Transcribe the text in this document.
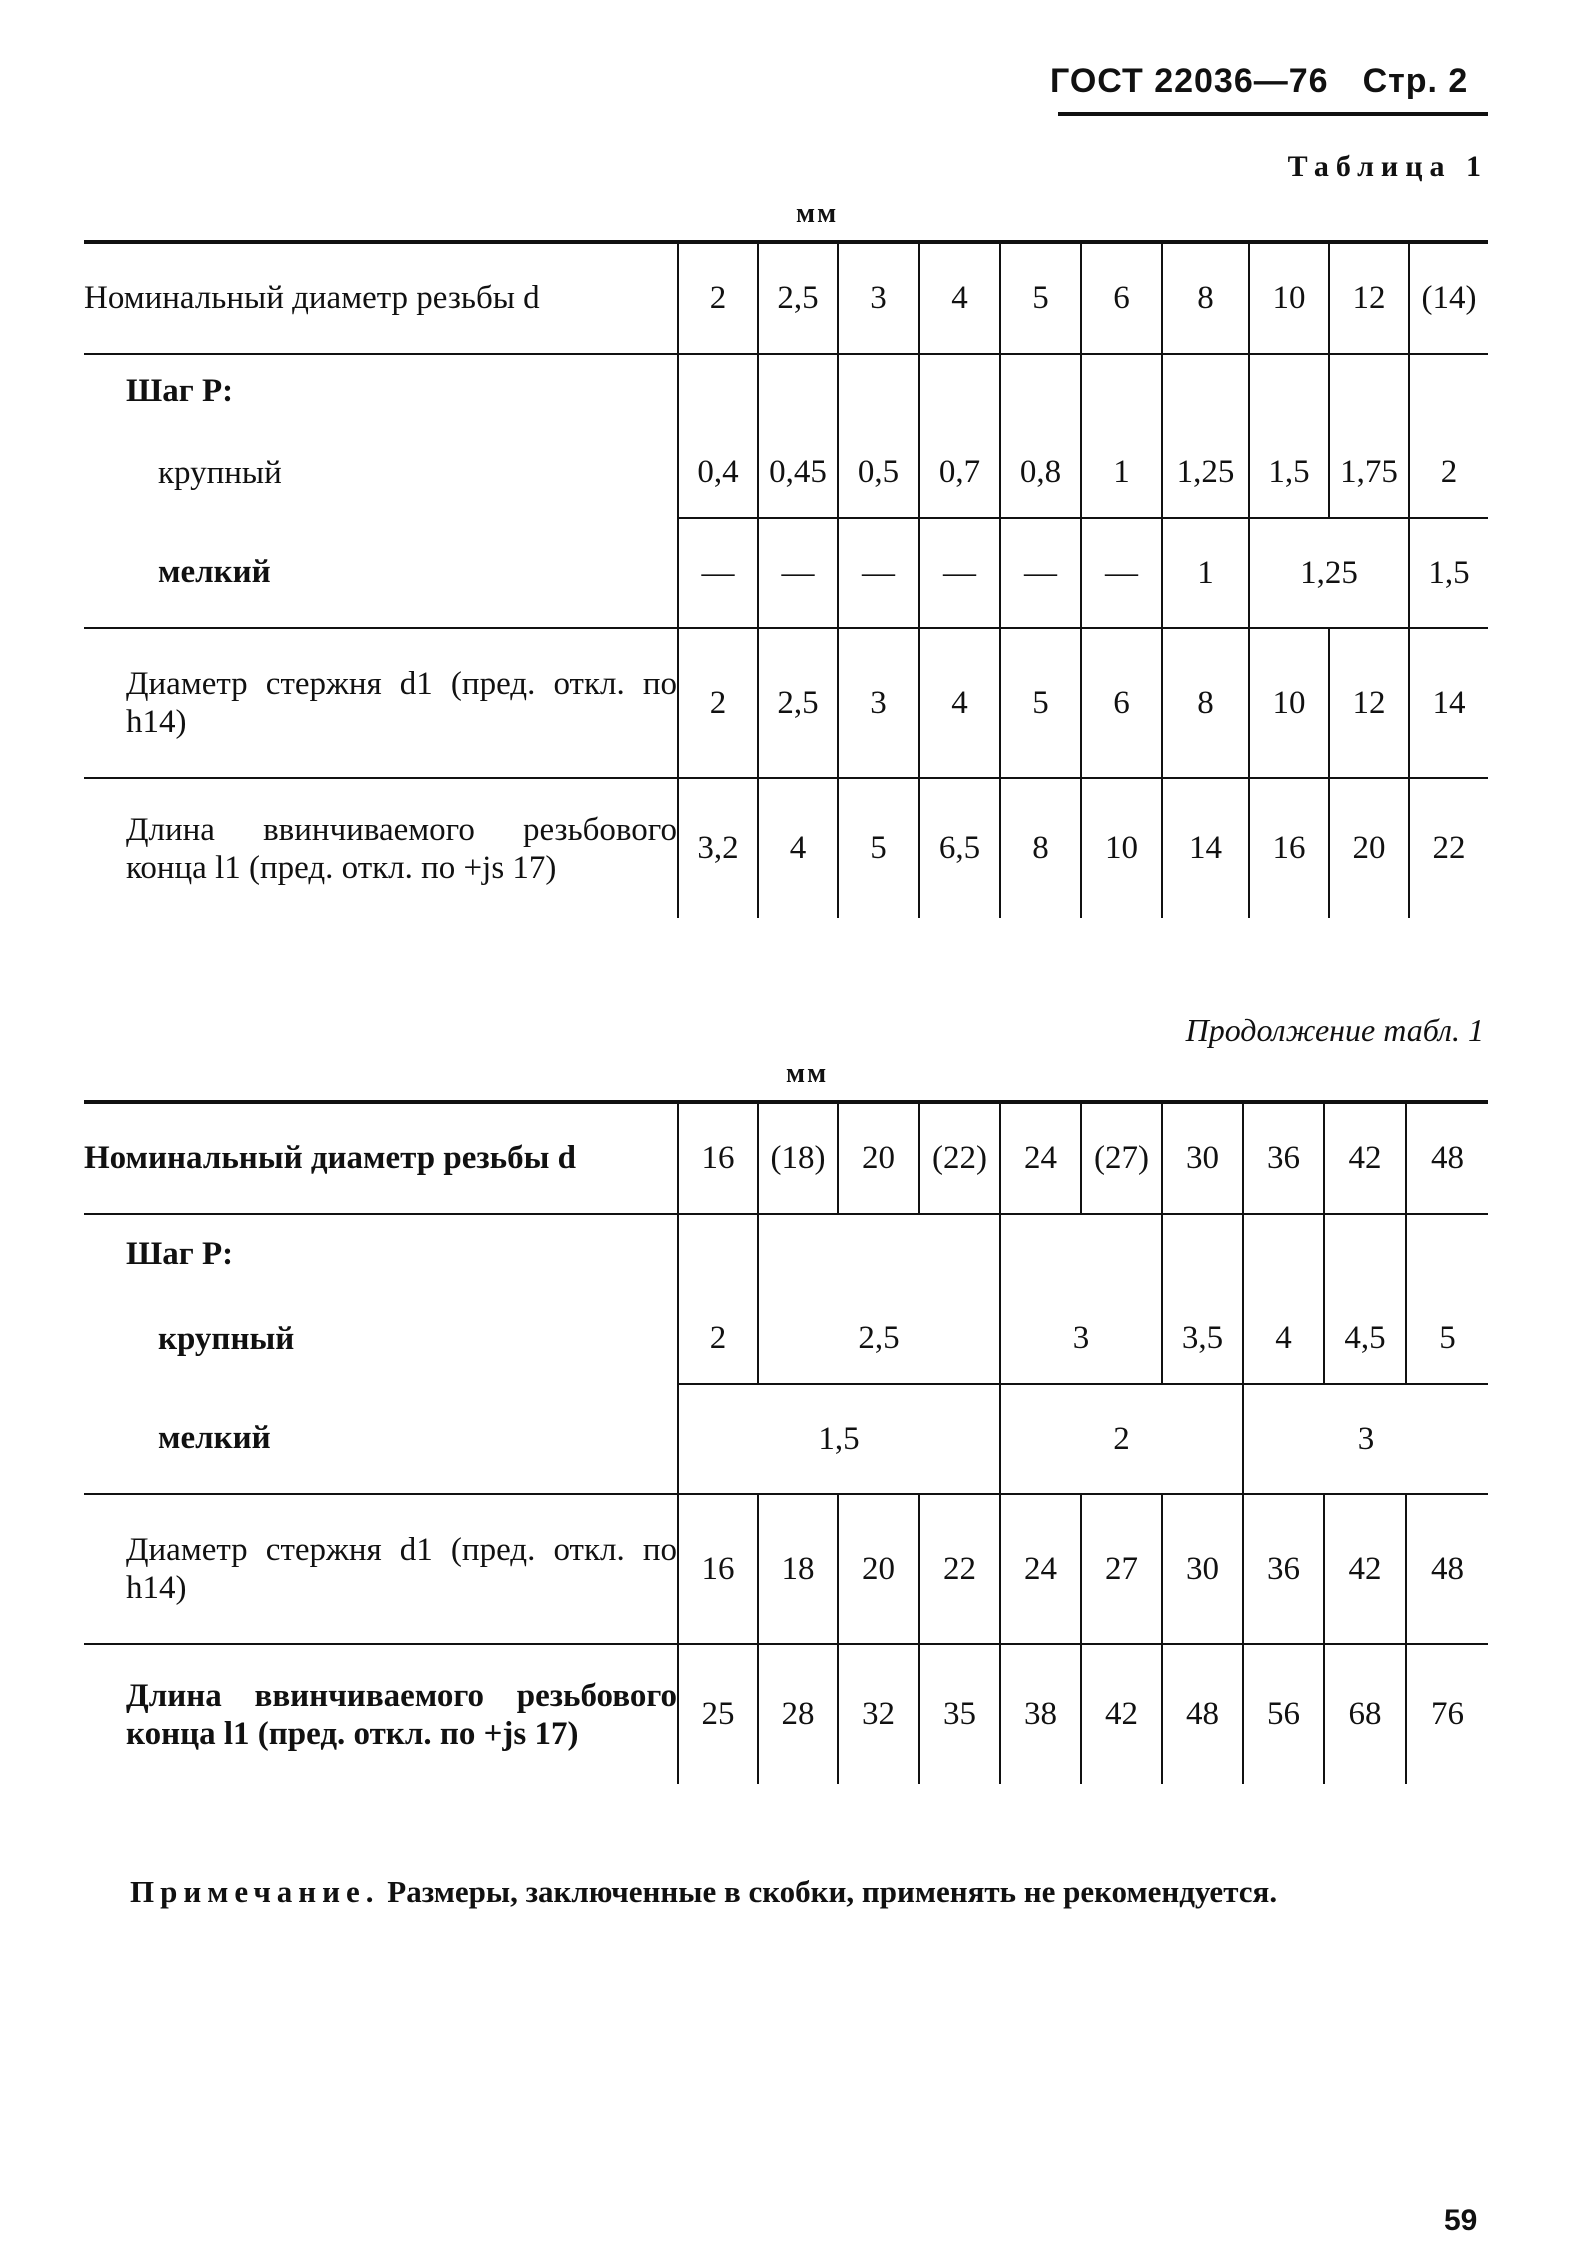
ГОСТ 22036—76 Стр. 2
Таблица 1
мм
Номинальный диаметр резьбы d	2	2,5	3	4	5	6	8	10	12	(14)
Шаг P:										
крупный	0,4	0,45	0,5	0,7	0,8	1	1,25	1,5	1,75	2
мелкий	—	—	—	—	—	—	1	1,25		1,5
Диаметр стержня d1 (пред. откл. по h14)	2	2,5	3	4	5	6	8	10	12	14
Длина ввинчиваемого резьбового конца l1 (пред. откл. по +js 17)	3,2	4	5	6,5	8	10	14	16	20	22
Продолжение табл. 1
мм
Номинальный диаметр резьбы d	16	(18)	20	(22)	24	(27)	30	36	42	48
Шаг P:										
крупный	2	2,5			3		3,5	4	4,5	5
мелкий	1,5				2			3		
Диаметр стержня d1 (пред. откл. по h14)	16	18	20	22	24	27	30	36	42	48
Длина ввинчиваемого резьбового конца l1 (пред. откл. по +js 17)	25	28	32	35	38	42	48	56	68	76
Примечание. Размеры, заключенные в скобки, применять не рекомендуется.
59
